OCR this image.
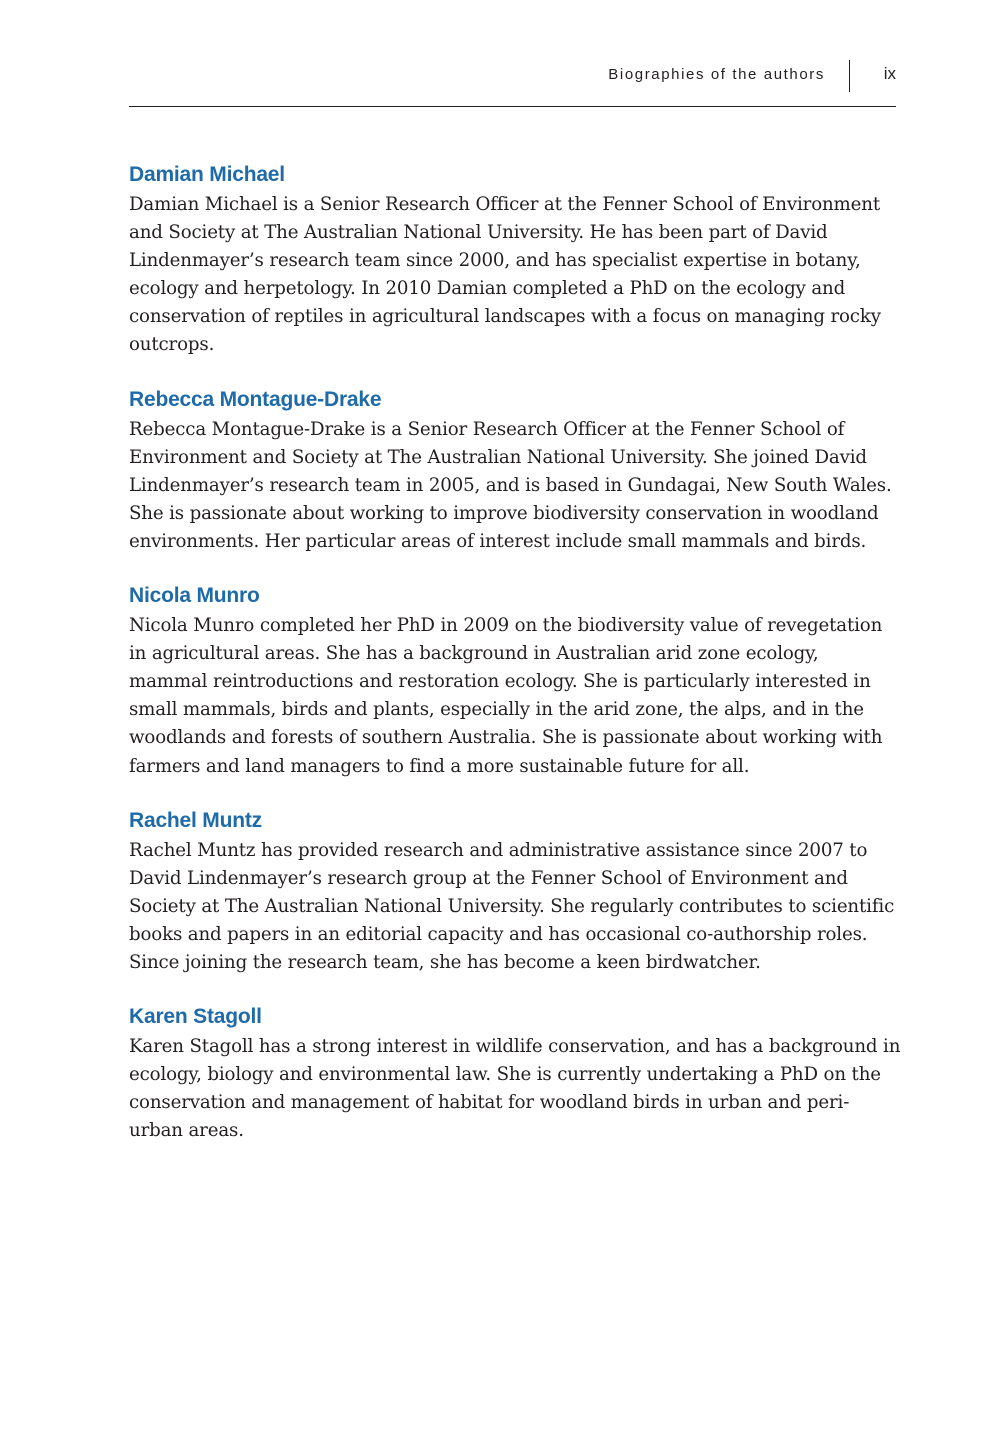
Biographies of the authors	ix
Damian Michael

Damian Michael is a Senior Research Officer at the Fenner School of Environment and Society at The Australian National University. He has been part of David Lindenmayer’s research team since 2000, and has specialist expertise in botany, ecology and herpetology. In 2010 Damian completed a PhD on the ecology and conservation of reptiles in agricultural landscapes with a focus on managing rocky outcrops.

Rebecca Montague-Drake

Rebecca Montague-Drake is a Senior Research Officer at the Fenner School of Environment and Society at The Australian National University. She joined David Lindenmayer’s research team in 2005, and is based in Gundagai, New South Wales. She is passionate about working to improve biodiversity conservation in woodland environments. Her particular areas of interest include small mammals and birds.

Nicola Munro

Nicola Munro completed her PhD in 2009 on the biodiversity value of revegetation in agricultural areas. She has a background in Australian arid zone ecology, mammal reintroductions and restoration ecology. She is particularly interested in small mammals, birds and plants, especially in the arid zone, the alps, and in the woodlands and forests of southern Australia. She is passionate about working with farmers and land managers to find a more sustainable future for all.

Rachel Muntz

Rachel Muntz has provided research and administrative assistance since 2007 to David Lindenmayer’s research group at the Fenner School of Environment and Society at The Australian National University. She regularly contributes to scientific books and papers in an editorial capacity and has occasional co-authorship roles. Since joining the research team, she has become a keen birdwatcher.

Karen Stagoll

Karen Stagoll has a strong interest in wildlife conservation, and has a background in ecology, biology and environmental law. She is currently undertaking a PhD on the conservation and management of habitat for woodland birds in urban and peri-urban areas.
